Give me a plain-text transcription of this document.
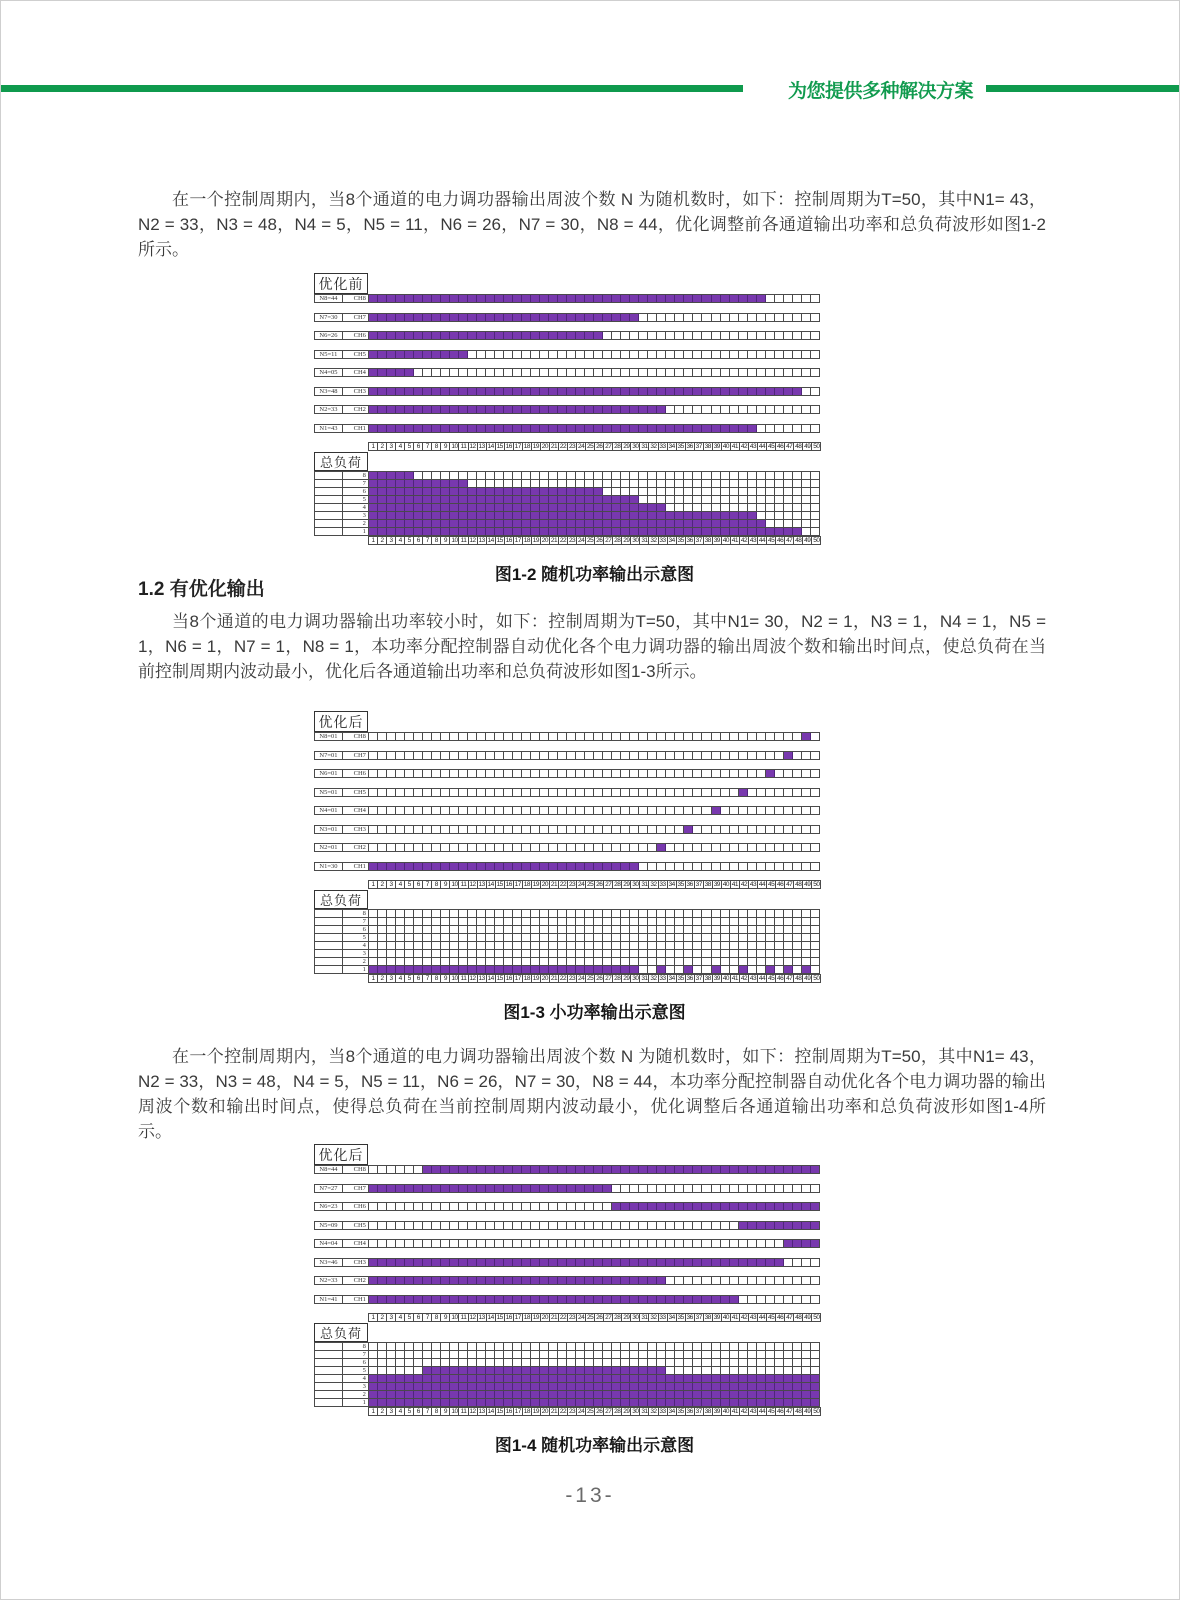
为您提供多种解决方案

在一个控制周期内，当8个通道的电力调功器输出周波个数 N 为随机数时，如下：控制周期为T=50，其中N1= 43，N2 = 33，N3 = 48，N4 = 5，N5 = 11，N6 = 26，N7 = 30，N8 = 44，优化调整前各通道输出功率和总负荷波形如图1-2所示。

优化前
N8=44	CH8
N7=30	CH7
N6=26	CH6
N5=11	CH5
N4=05	CH4
N3=48	CH3
N2=33	CH2
N1=43	CH1
1 2 3 4 5 6 7 8 9 10 11 12 13 14 15 16 17 18 19 20 21 22 23 24 25 26 27 28 29 30 31 32 33 34 35 36 37 38 39 40 41 42 43 44 45 46 47 48 49 50
总负荷
8
7
6
5
4
3
2
1
1 2 3 4 5 6 7 8 9 10 11 12 13 14 15 16 17 18 19 20 21 22 23 24 25 26 27 28 29 30 31 32 33 34 35 36 37 38 39 40 41 42 43 44 45 46 47 48 49 50
图1-2 随机功率输出示意图
1.2 有优化输出

当8个通道的电力调功器输出功率较小时，如下：控制周期为T=50，其中N1= 30，N2 = 1，N3 = 1，N4 = 1，N5 = 1，N6 = 1，N7 = 1，N8 = 1，本功率分配控制器自动优化各个电力调功器的输出周波个数和输出时间点，使总负荷在当前控制周期内波动最小，优化后各通道输出功率和总负荷波形如图1-3所示。

优化后
N8=01	CH8
N7=01	CH7
N6=01	CH6
N5=01	CH5
N4=01	CH4
N3=01	CH3
N2=01	CH2
N1=30	CH1
1 2 3 4 5 6 7 8 9 10 11 12 13 14 15 16 17 18 19 20 21 22 23 24 25 26 27 28 29 30 31 32 33 34 35 36 37 38 39 40 41 42 43 44 45 46 47 48 49 50
总负荷
8
7
6
5
4
3
2
1
1 2 3 4 5 6 7 8 9 10 11 12 13 14 15 16 17 18 19 20 21 22 23 24 25 26 27 28 29 30 31 32 33 34 35 36 37 38 39 40 41 42 43 44 45 46 47 48 49 50
图1-3 小功率输出示意图

在一个控制周期内，当8个通道的电力调功器输出周波个数 N 为随机数时，如下：控制周期为T=50，其中N1= 43，N2 = 33，N3 = 48，N4 = 5，N5 = 11，N6 = 26，N7 = 30，N8 = 44，本功率分配控制器自动优化各个电力调功器的输出周波个数和输出时间点，使得总负荷在当前控制周期内波动最小，优化调整后各通道输出功率和总负荷波形如图1-4所示。

优化后
N8=44	CH8
N7=27	CH7
N6=23	CH6
N5=09	CH5
N4=04	CH4
N3=46	CH3
N2=33	CH2
N1=41	CH1
1 2 3 4 5 6 7 8 9 10 11 12 13 14 15 16 17 18 19 20 21 22 23 24 25 26 27 28 29 30 31 32 33 34 35 36 37 38 39 40 41 42 43 44 45 46 47 48 49 50
总负荷
8
7
6
5
4
3
2
1
1 2 3 4 5 6 7 8 9 10 11 12 13 14 15 16 17 18 19 20 21 22 23 24 25 26 27 28 29 30 31 32 33 34 35 36 37 38 39 40 41 42 43 44 45 46 47 48 49 50
图1-4 随机功率输出示意图
-13-
